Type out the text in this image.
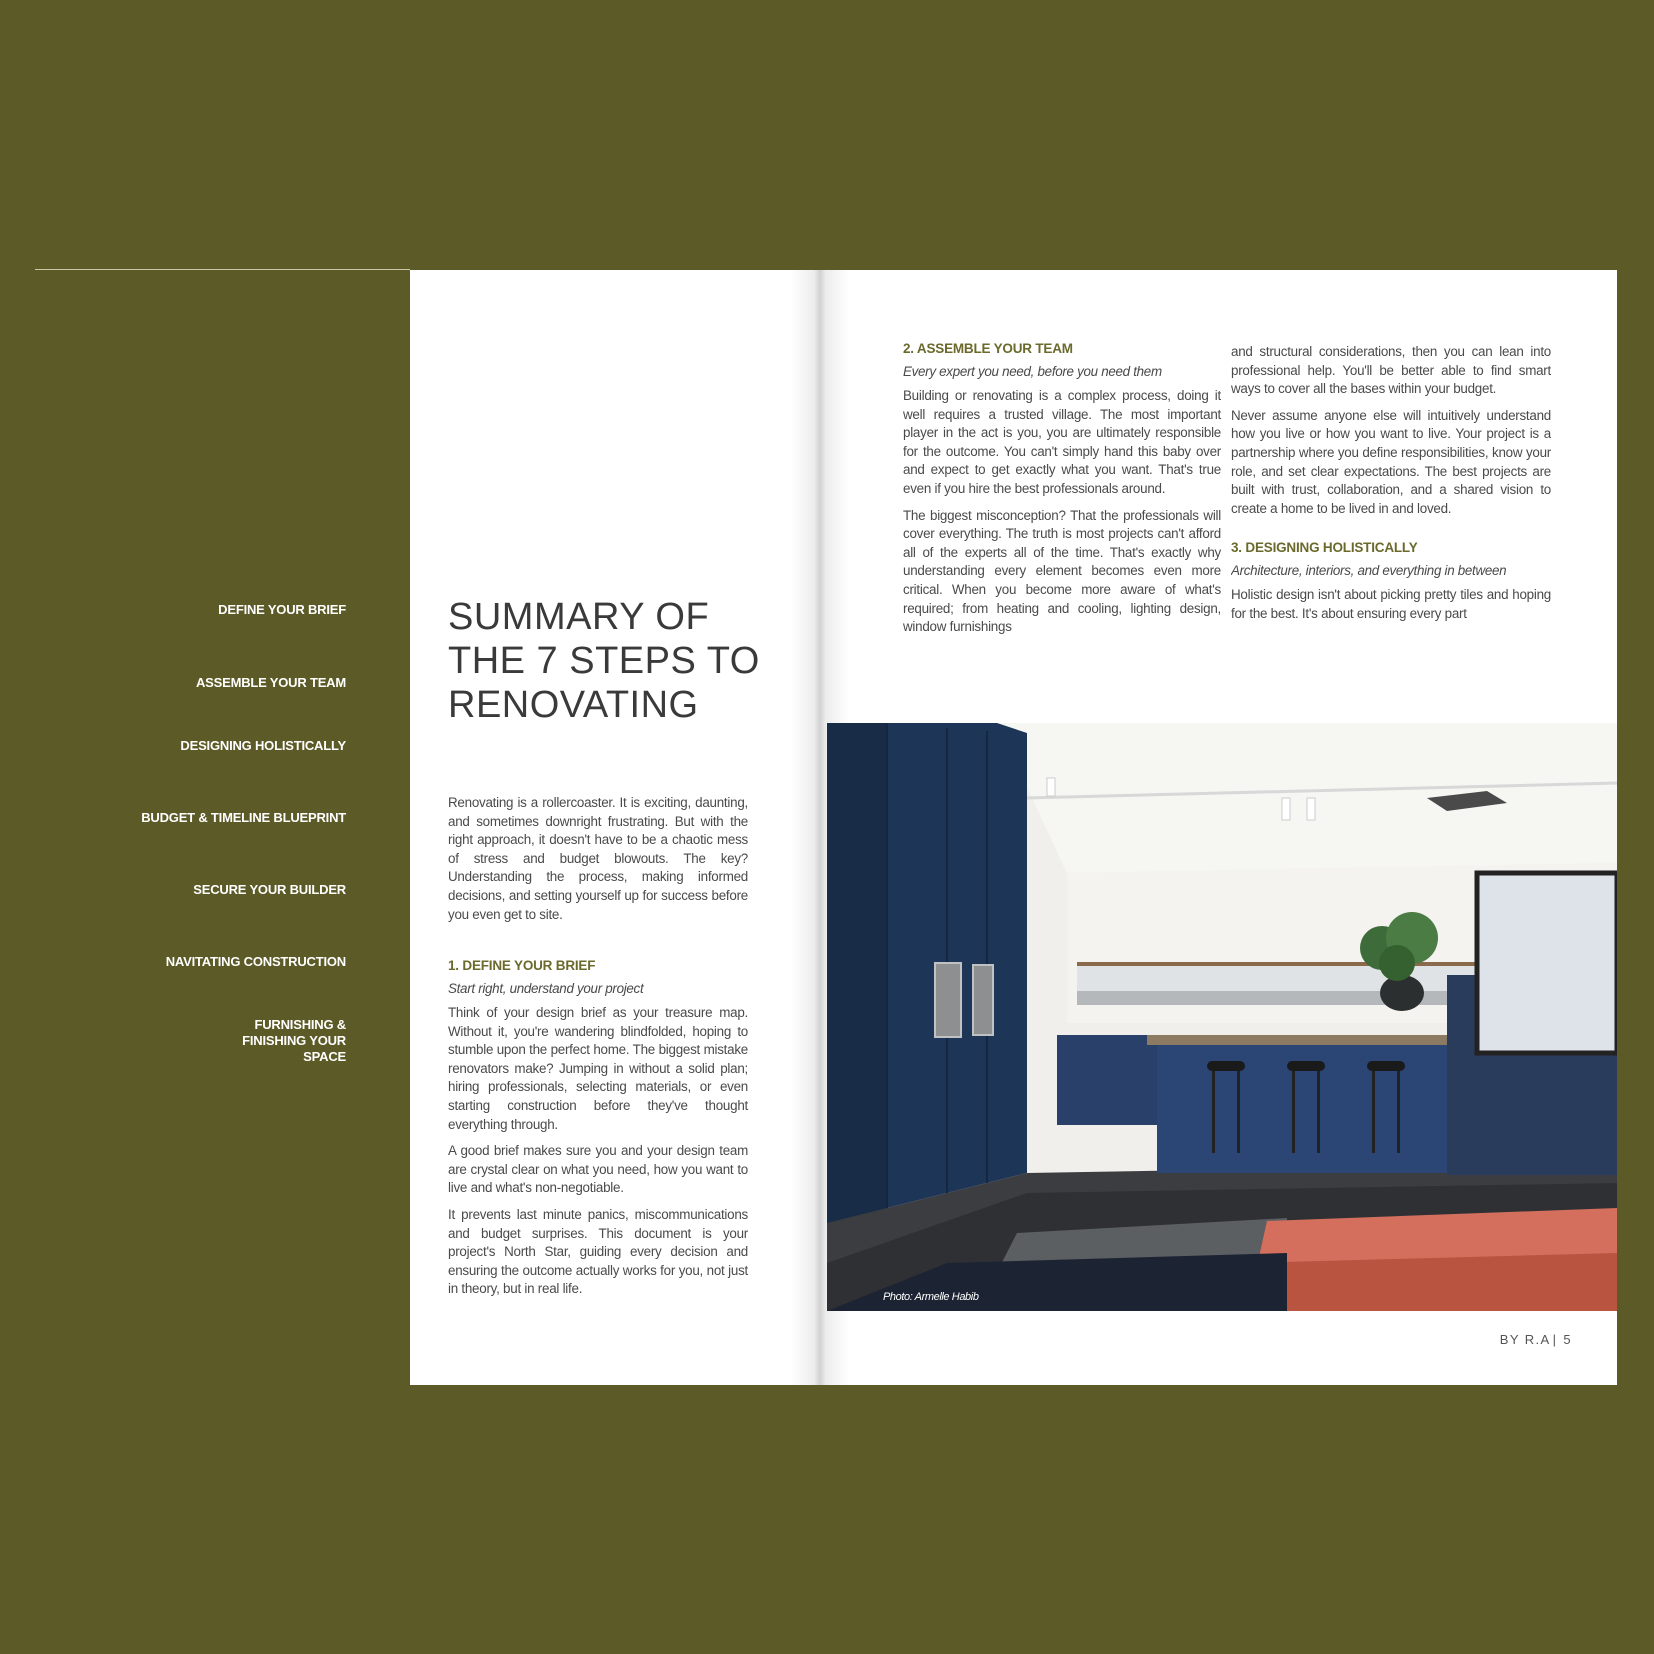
DEFINE YOUR BRIEF
ASSEMBLE YOUR TEAM
DESIGNING HOLISTICALLY
BUDGET & TIMELINE BLUEPRINT
SECURE YOUR BUILDER
NAVITATING CONSTRUCTION
FURNISHING & FINISHING YOUR SPACE
SUMMARY OF THE 7 STEPS TO RENOVATING

Renovating is a rollercoaster. It is exciting, daunting, and sometimes downright frustrating. But with the right approach, it doesn't have to be a chaotic mess of stress and budget blowouts. The key? Understanding the process, making informed decisions, and setting yourself up for success before you even get to site.

1. DEFINE YOUR BRIEF

Start right, understand your project

Think of your design brief as your treasure map. Without it, you're wandering blindfolded, hoping to stumble upon the perfect home. The biggest mistake renovators make? Jumping in without a solid plan; hiring professionals, selecting materials, or even starting construction before they've thought everything through.

A good brief makes sure you and your design team are crystal clear on what you need, how you want to live and what's non-negotiable.

It prevents last minute panics, miscommunications and budget surprises. This document is your project's North Star, guiding every decision and ensuring the outcome actually works for you, not just in theory, but in real life.

2. ASSEMBLE YOUR TEAM

Every expert you need, before you need them

Building or renovating is a complex process, doing it well requires a trusted village. The most important player in the act is you, you are ultimately responsible for the outcome. You can't simply hand this baby over and expect to get exactly what you want. That's true even if you hire the best professionals around.

The biggest misconception? That the professionals will cover everything. The truth is most projects can't afford all of the experts all of the time. That's exactly why understanding every element becomes even more critical. When you become more aware of what's required; from heating and cooling, lighting design, window furnishings

and structural considerations, then you can lean into professional help. You'll be better able to find smart ways to cover all the bases within your budget.

Never assume anyone else will intuitively understand how you live or how you want to live. Your project is a partnership where you define responsibilities, know your role, and set clear expectations. The best projects are built with trust, collaboration, and a shared vision to create a home to be lived in and loved.

3. DESIGNING HOLISTICALLY

Architecture, interiors, and everything in between

Holistic design isn't about picking pretty tiles and hoping for the best. It's about ensuring every part

Photo: Armelle Habib
BY R.A | 5
